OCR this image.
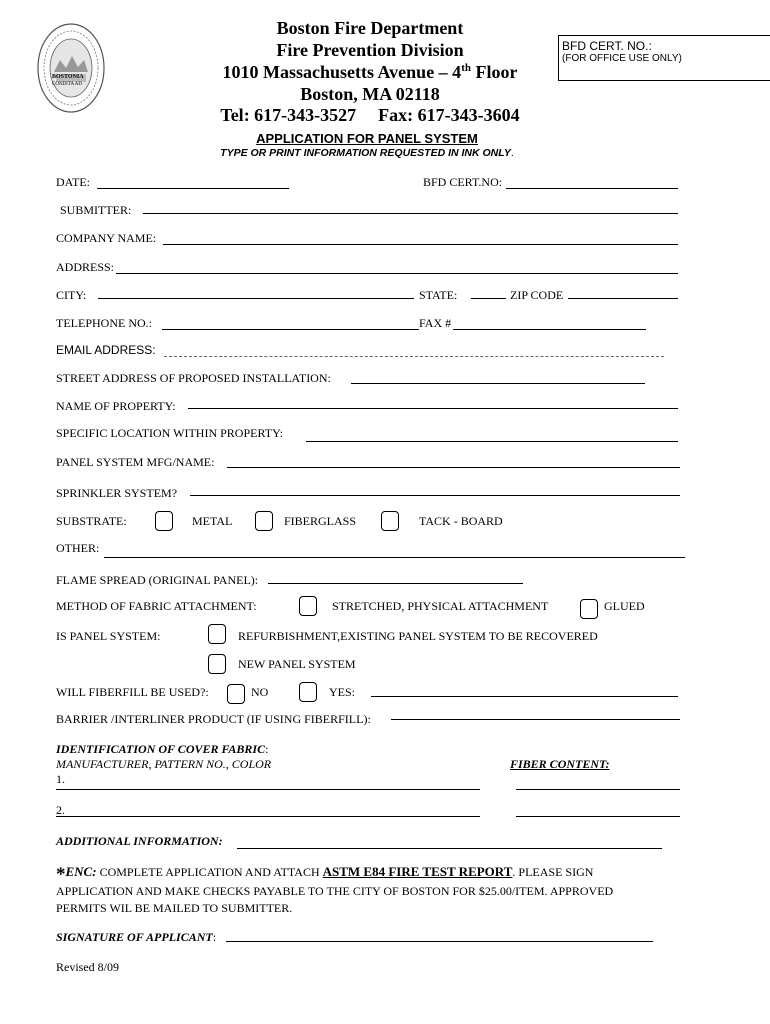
BOSTONIA
CONDITA AD
Boston Fire Department
Fire Prevention Division
1010 Massachusetts Avenue – 4th Floor
Boston, MA 02118
Tel: 617-343-3527 Fax: 617-343-3604
BFD CERT. NO.:
(FOR OFFICE USE ONLY)
APPLICATION FOR PANEL SYSTEM
TYPE OR PRINT INFORMATION REQUESTED IN INK ONLY.
DATE:	BFD CERT.NO:
SUBMITTER:
COMPANY NAME:
ADDRESS:
CITY:	STATE:	ZIP CODE
TELEPHONE NO.:	FAX #
EMAIL ADDRESS:
STREET ADDRESS OF PROPOSED INSTALLATION:
NAME OF PROPERTY:
SPECIFIC LOCATION WITHIN PROPERTY:
PANEL SYSTEM MFG/NAME:
SPRINKLER SYSTEM?
SUBSTRATE:	METAL	FIBERGLASS	TACK - BOARD
OTHER:
FLAME SPREAD (ORIGINAL PANEL):
METHOD OF FABRIC ATTACHMENT:	STRETCHED, PHYSICAL ATTACHMENT	GLUED
IS PANEL SYSTEM:	REFURBISHMENT,EXISTING PANEL SYSTEM TO BE RECOVERED
NEW PANEL SYSTEM
WILL FIBERFILL BE USED?:	NO	YES:
BARRIER /INTERLINER PRODUCT (IF USING FIBERFILL):
IDENTIFICATION OF COVER FABRIC:
MANUFACTURER, PATTERN NO., COLOR	FIBER CONTENT:
1.
2.
ADDITIONAL INFORMATION:
*ENC: COMPLETE APPLICATION AND ATTACH ASTM E84 FIRE TEST REPORT. PLEASE SIGN
APPLICATION AND MAKE CHECKS PAYABLE TO THE CITY OF BOSTON FOR $25.00/ITEM. APPROVED
PERMITS WIL BE MAILED TO SUBMITTER.
SIGNATURE OF APPLICANT:
Revised 8/09
